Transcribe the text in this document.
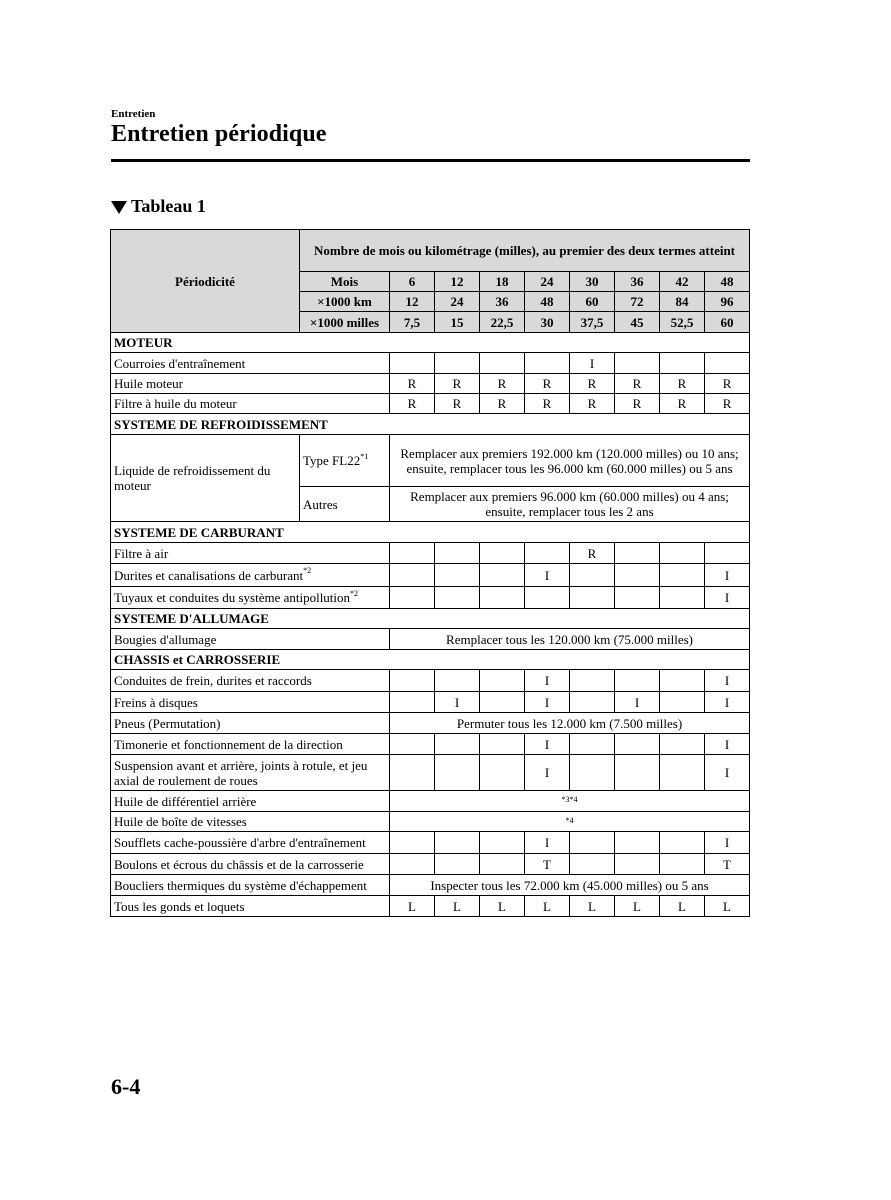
Entretien
Entretien périodique
Tableau 1
Périodicité	Nombre de mois ou kilométrage (milles), au premier des deux termes atteint								
	Mois	6	12	18	24	30	36	42	48
	×1000 km	12	24	36	48	60	72	84	96
	×1000 milles	7,5	15	22,5	30	37,5	45	52,5	60
MOTEUR									
Courroies d'entraînement						I			
Huile moteur		R	R	R	R	R	R	R	R
Filtre à huile du moteur		R	R	R	R	R	R	R	R
SYSTEME DE REFROIDISSEMENT									
Liquide de refroidissement du moteur	Type FL22$^{*1}$	Remplacer aux premiers 192.000 km (120.000 milles) ou 10 ans; ensuite, remplacer tous les 96.000 km (60.000 milles) ou 5 ans							
	Autres	Remplacer aux premiers 96.000 km (60.000 milles) ou 4 ans; ensuite, remplacer tous les 2 ans							
SYSTEME DE CARBURANT									
Filtre à air						R			
Durites et canalisations de carburant$^{*2}$					I				I
Tuyaux et conduites du système antipollution$^{*2}$									I
SYSTEME D'ALLUMAGE									
Bougies d'allumage		Remplacer tous les 120.000 km (75.000 milles)							
CHASSIS et CARROSSERIE									
Conduites de frein, durites et raccords					I				I
Freins à disques			I		I		I		I
Pneus (Permutation)		Permuter tous les 12.000 km (7.500 milles)							
Timonerie et fonctionnement de la direction					I				I
Suspension avant et arrière, joints à rotule, et jeu axial de roulement de roues					I				I
Huile de différentiel arrière		*3*4							
Huile de boîte de vitesses		*4							
Soufflets cache-poussière d'arbre d'entraînement					I				I
Boulons et écrous du châssis et de la carrosserie					T				T
Boucliers thermiques du système d'échappement		Inspecter tous les 72.000 km (45.000 milles) ou 5 ans							
Tous les gonds et loquets		L	L	L	L	L	L	L	L
6-4
